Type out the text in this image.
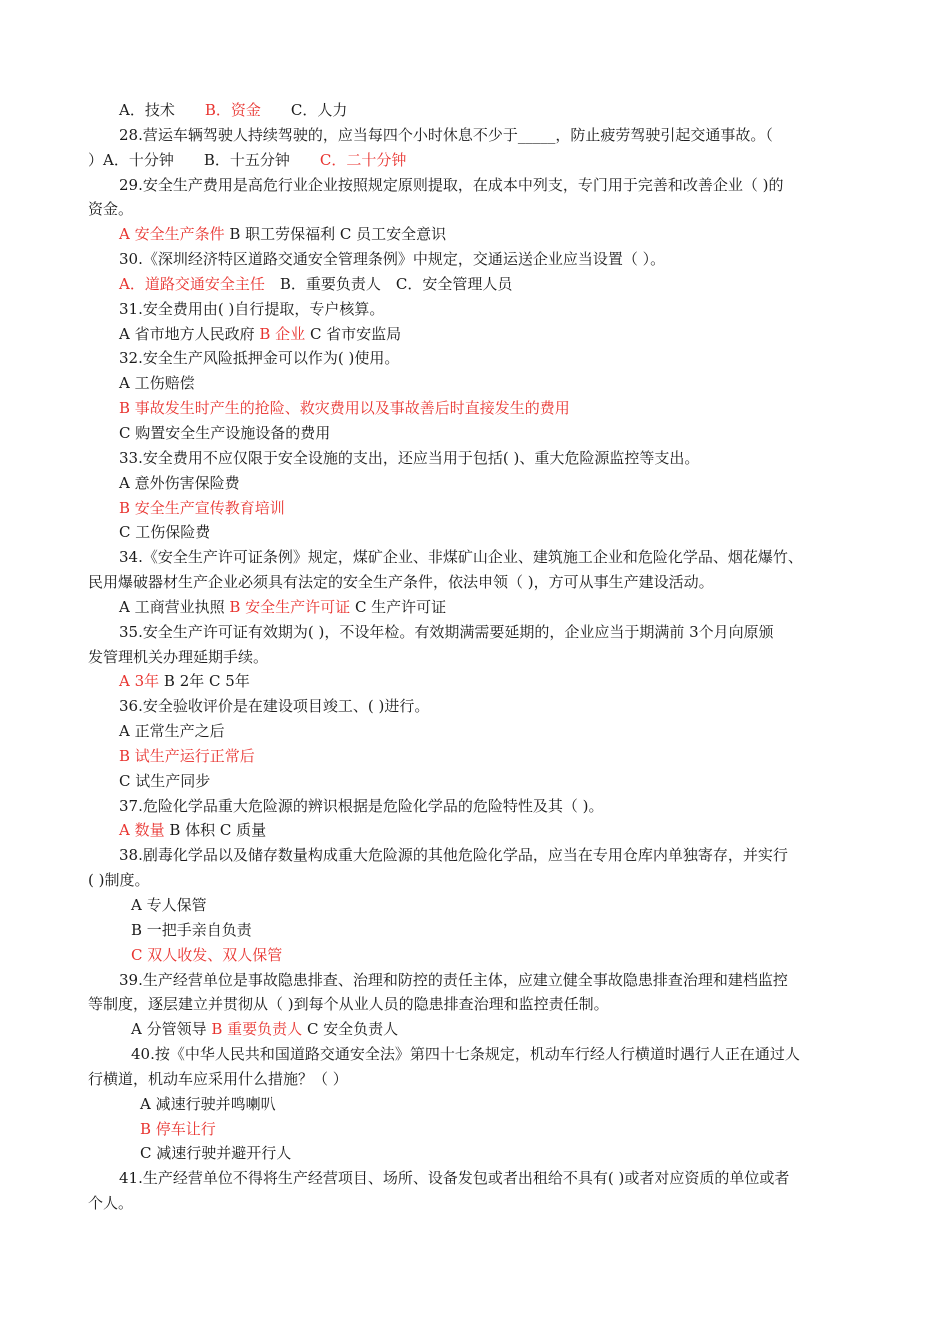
A．技术　　B．资金　　C．人力
28.营运车辆驾驶人持续驾驶的，应当每四个小时休息不少于_____，防止疲劳驾驶引起交通事故。（
）A．十分钟　　B．十五分钟　　C．二十分钟
29.安全生产费用是高危行业企业按照规定原则提取，在成本中列支，专门用于完善和改善企业（ )的
资金。
A 安全生产条件 B 职工劳保福利 C 员工安全意识
30.《深圳经济特区道路交通安全管理条例》中规定，交通运送企业应当设置（ ）。
A．道路交通安全主任　B．重要负责人　C．安全管理人员
31.安全费用由( )自行提取，专户核算。
A 省市地方人民政府 B 企业 C 省市安监局
32.安全生产风险抵押金可以作为( )使用。
A 工伤赔偿
B 事故发生时产生的抢险、救灾费用以及事故善后时直接发生的费用
C 购置安全生产设施设备的费用
33.安全费用不应仅限于安全设施的支出，还应当用于包括( )、重大危险源监控等支出。
A 意外伤害保险费
B 安全生产宣传教育培训
C 工伤保险费
34.《安全生产许可证条例》规定，煤矿企业、非煤矿山企业、建筑施工企业和危险化学品、烟花爆竹、
民用爆破器材生产企业必须具有法定的安全生产条件，依法申领（ )，方可从事生产建设活动。
A 工商营业执照 B 安全生产许可证 C 生产许可证
35.安全生产许可证有效期为( )，不设年检。有效期满需要延期的，企业应当于期满前 3个月向原颁
发管理机关办理延期手续。
A 3年 B 2年 C 5年
36.安全验收评价是在建设项目竣工、( )进行。
A 正常生产之后
B 试生产运行正常后
C 试生产同步
37.危险化学品重大危险源的辨识根据是危险化学品的危险特性及其（ )。
A 数量 B 体积 C 质量
38.剧毒化学品以及储存数量构成重大危险源的其他危险化学品，应当在专用仓库内单独寄存，并实行
( )制度。
A 专人保管
B 一把手亲自负责
C 双人收发、双人保管
39.生产经营单位是事故隐患排查、治理和防控的责任主体，应建立健全事故隐患排查治理和建档监控
等制度，逐层建立并贯彻从（ )到每个从业人员的隐患排查治理和监控责任制。
A 分管领导 B 重要负责人 C 安全负责人
40.按《中华人民共和国道路交通安全法》第四十七条规定，机动车行经人行横道时遇行人正在通过人
行横道，机动车应采用什么措施？（ ）
A 减速行驶并鸣喇叭
B 停车让行
C 减速行驶并避开行人
41.生产经营单位不得将生产经营项目、场所、设备发包或者出租给不具有( )或者对应资质的单位或者
个人。
